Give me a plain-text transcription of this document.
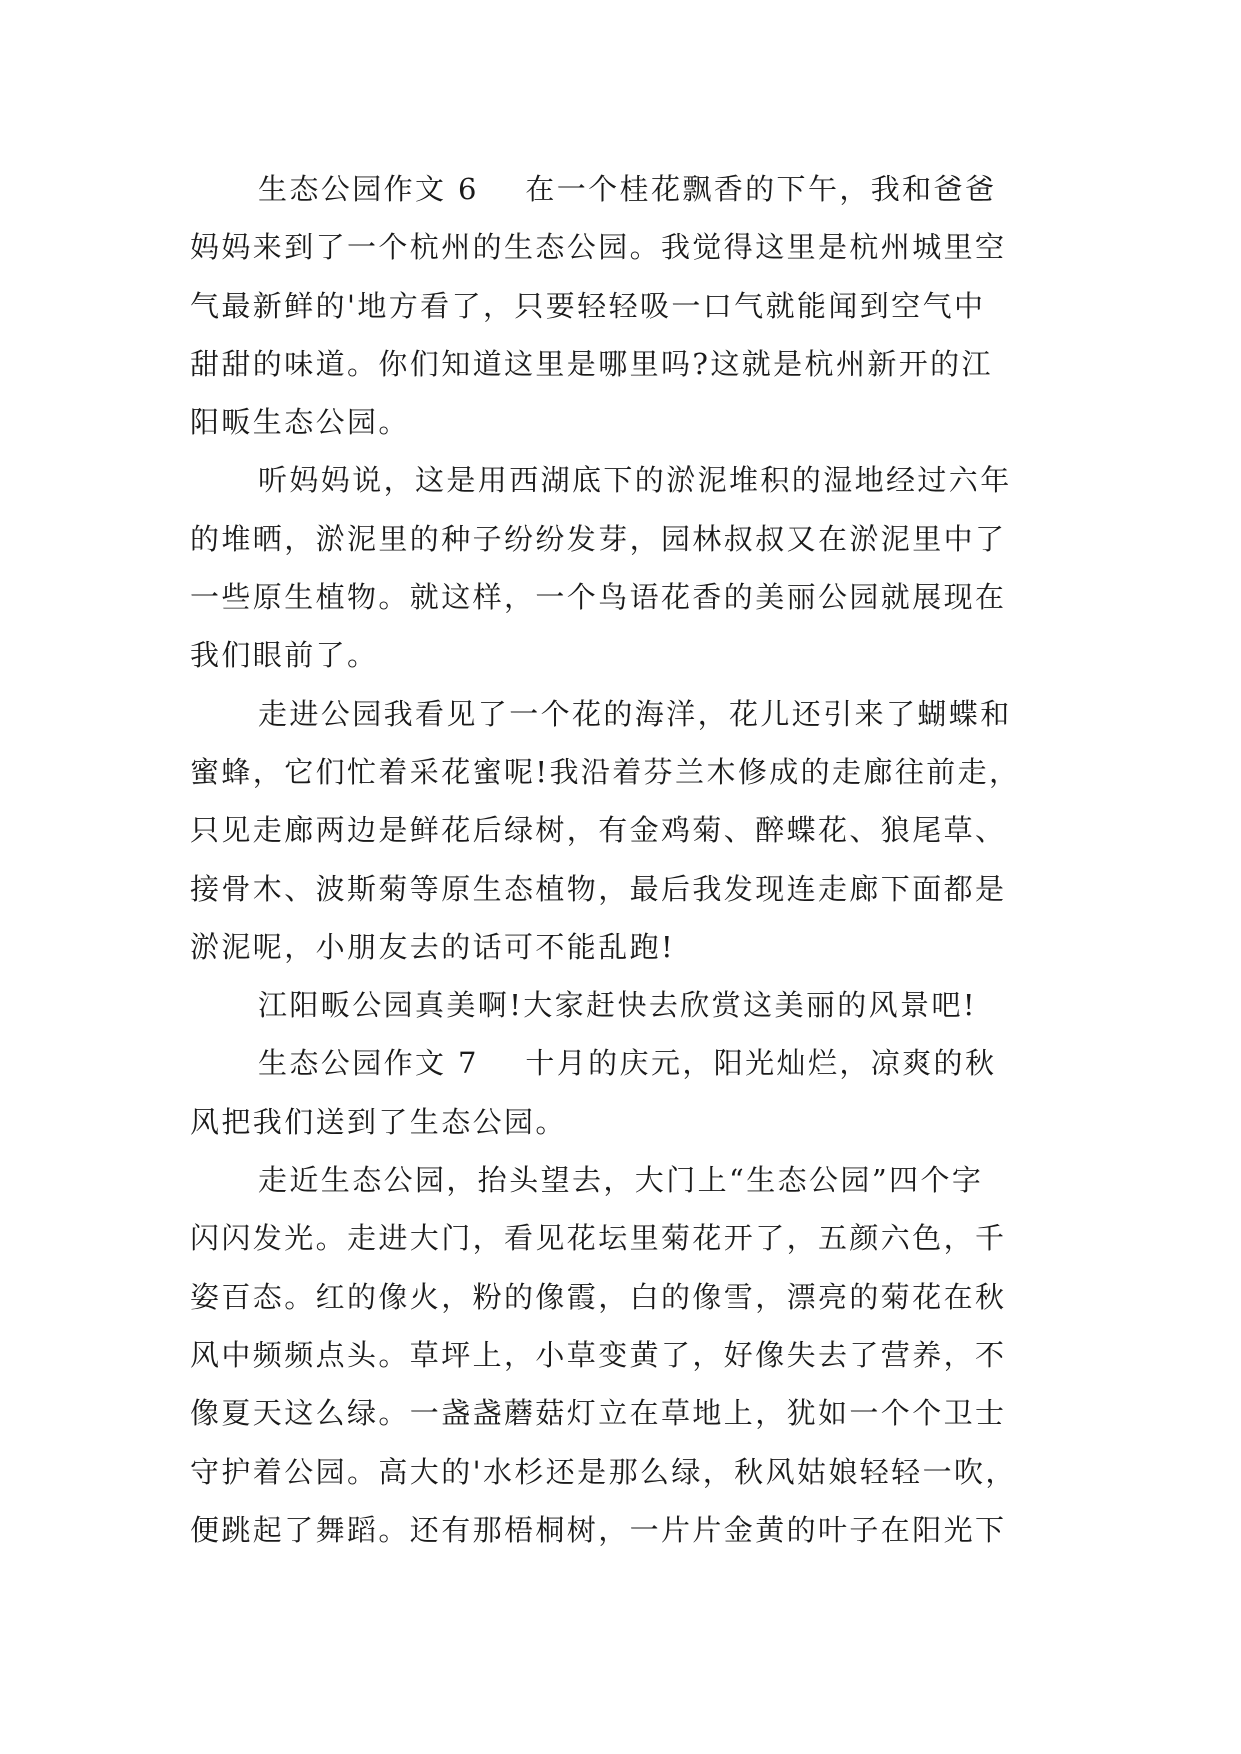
生态公园作文 6    在一个桂花飘香的下午，我和爸爸
妈妈来到了一个杭州的生态公园。我觉得这里是杭州城里空
气最新鲜的'地方看了，只要轻轻吸一口气就能闻到空气中
甜甜的味道。你们知道这里是哪里吗?这就是杭州新开的江
阳畈生态公园。
听妈妈说，这是用西湖底下的淤泥堆积的湿地经过六年
的堆晒，淤泥里的种子纷纷发芽，园林叔叔又在淤泥里中了
一些原生植物。就这样，一个鸟语花香的美丽公园就展现在
我们眼前了。
走进公园我看见了一个花的海洋，花儿还引来了蝴蝶和
蜜蜂，它们忙着采花蜜呢!我沿着芬兰木修成的走廊往前走，
只见走廊两边是鲜花后绿树，有金鸡菊、醉蝶花、狼尾草、
接骨木、波斯菊等原生态植物，最后我发现连走廊下面都是
淤泥呢，小朋友去的话可不能乱跑!
江阳畈公园真美啊!大家赶快去欣赏这美丽的风景吧!
生态公园作文 7    十月的庆元，阳光灿烂，凉爽的秋
风把我们送到了生态公园。
走近生态公园，抬头望去，大门上“生态公园”四个字
闪闪发光。走进大门，看见花坛里菊花开了，五颜六色，千
姿百态。红的像火，粉的像霞，白的像雪，漂亮的菊花在秋
风中频频点头。草坪上，小草变黄了，好像失去了营养，不
像夏天这么绿。一盏盏蘑菇灯立在草地上，犹如一个个卫士
守护着公园。高大的'水杉还是那么绿，秋风姑娘轻轻一吹，
便跳起了舞蹈。还有那梧桐树，一片片金黄的叶子在阳光下
